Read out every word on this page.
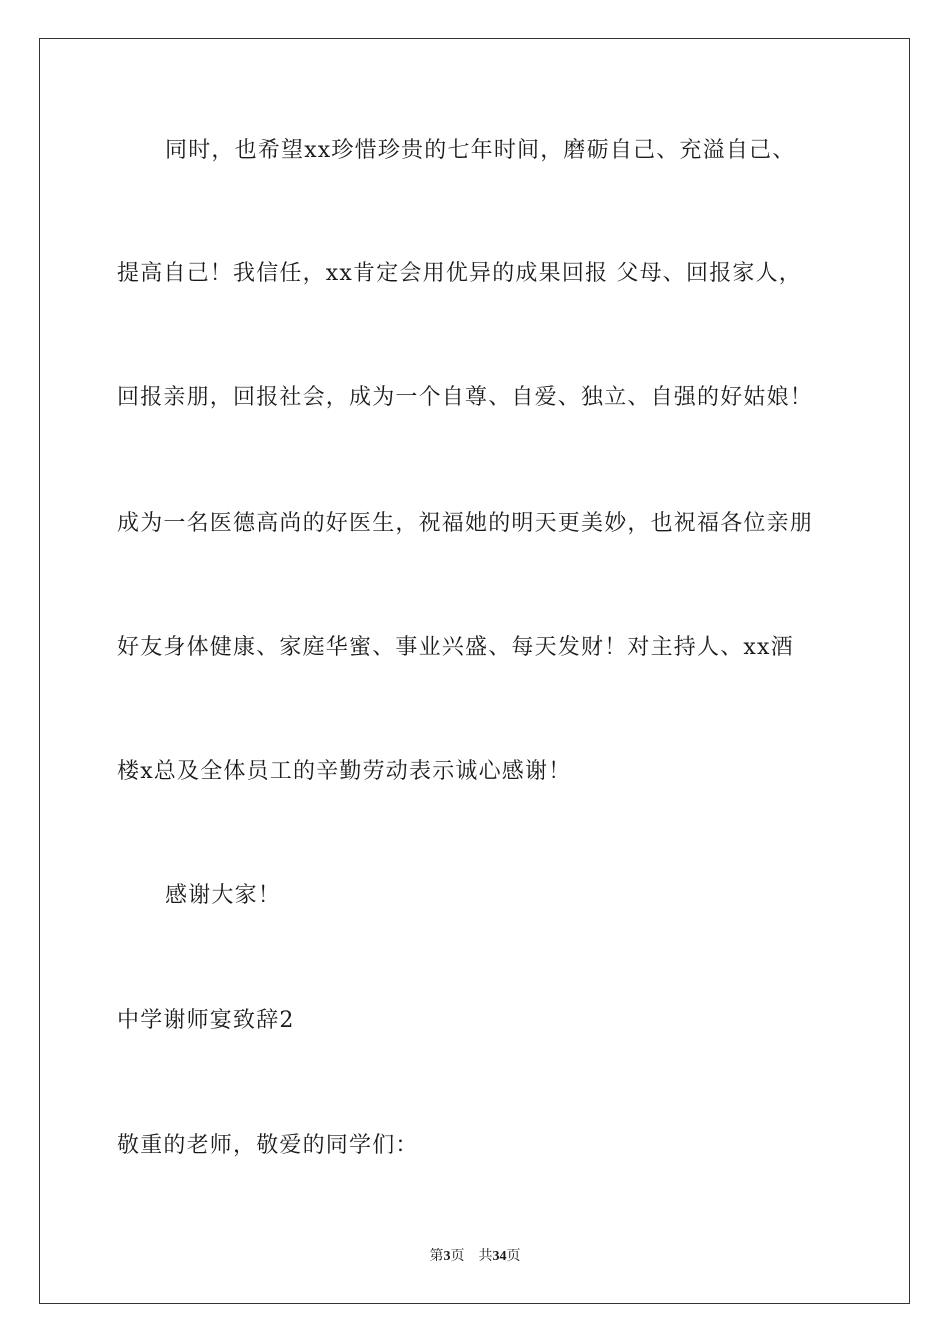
同时，也希望xx珍惜珍贵的七年时间，磨砺自己、充溢自己、
提高自己！我信任，xx肯定会用优异的成果回报 父母、回报家人，
回报亲朋，回报社会，成为一个自尊、自爱、独立、自强的好姑娘！
成为一名医德高尚的好医生，祝福她的明天更美妙，也祝福各位亲朋
好友身体健康、家庭华蜜、事业兴盛、每天发财！对主持人、xx酒
楼x总及全体员工的辛勤劳动表示诚心感谢！
感谢大家！
中学谢师宴致辞2
敬重的老师，敬爱的同学们：
第3页 共34页
